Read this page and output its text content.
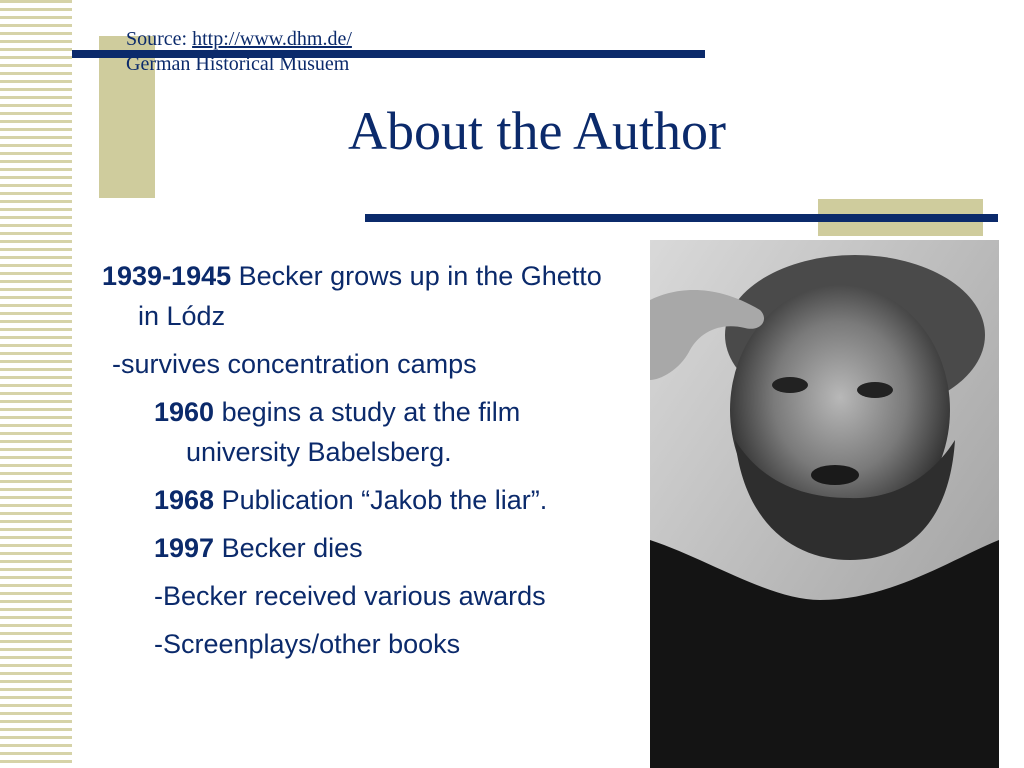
Source: http://www.dhm.de/
German Historical Musuem
About the Author

1939-1945 Becker grows up in the Ghetto in Lódz

-survives concentration camps

1960 begins a study at the film university Babelsberg.

1968 Publication “Jakob the liar”.

1997 Becker dies

-Becker received various awards

-Screenplays/other books
